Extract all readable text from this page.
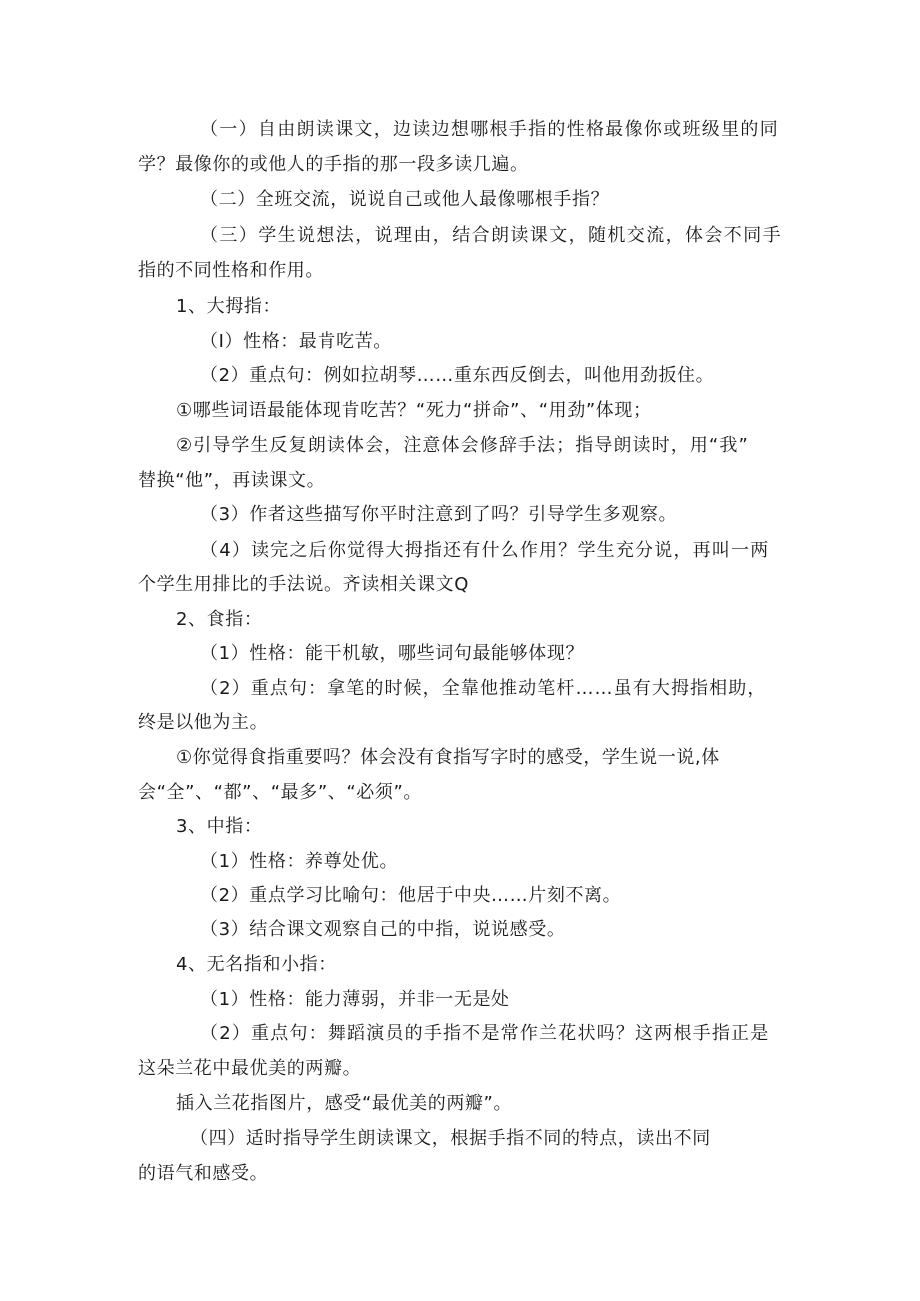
（一）自由朗读课文，边读边想哪根手指的性格最像你或班级里的同

学？最像你的或他人的手指的那一段多读几遍。

（二）全班交流，说说自己或他人最像哪根手指？

（三）学生说想法，说理由，结合朗读课文，随机交流，体会不同手

指的不同性格和作用。

1、大拇指：

（I）性格：最肯吃苦。

（2）重点句：例如拉胡琴……重东西反倒去，叫他用劲扳住。

①哪些词语最能体现肯吃苦？“死力“拼命”、“用劲”体现；

②引导学生反复朗读体会，注意体会修辞手法；指导朗读时，用“我”

替换“他”，再读课文。

（3）作者这些描写你平时注意到了吗？引导学生多观察。

（4）读完之后你觉得大拇指还有什么作用？学生充分说，再叫一两

个学生用排比的手法说。齐读相关课文Q

2、食指：

（1）性格：能干机敏，哪些词句最能够体现？

（2）重点句：拿笔的时候，全靠他推动笔杆……虽有大拇指相助，

终是以他为主。

①你觉得食指重要吗？体会没有食指写字时的感受，学生说一说,体

会“全”、“都”、“最多”、“必须”。

3、中指：

（1）性格：养尊处优。

（2）重点学习比喻句：他居于中央……片刻不离。

（3）结合课文观察自己的中指，说说感受。

4、无名指和小指：

（1）性格：能力薄弱，并非一无是处

（2）重点句：舞蹈演员的手指不是常作兰花状吗？这两根手指正是

这朵兰花中最优美的两瓣。

插入兰花指图片，感受“最优美的两瓣”。

（四）适时指导学生朗读课文，根据手指不同的特点，读出不同

的语气和感受。
